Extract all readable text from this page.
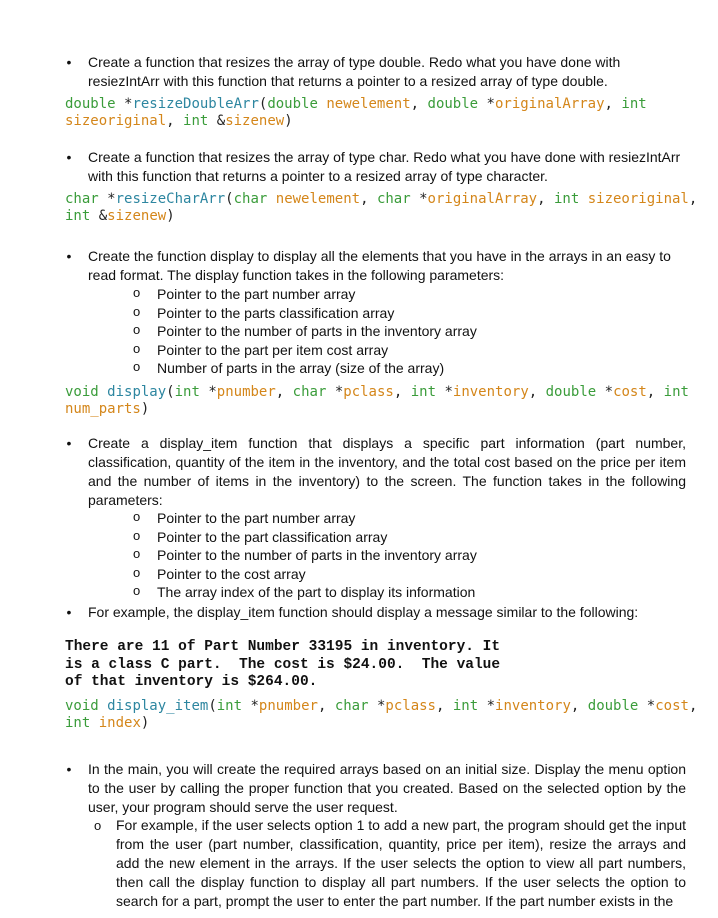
• Create a function that resizes the array of type double. Redo what you have done with resiezIntArr with this function that returns a pointer to a resized array of type double.
double *resizeDoubleArr(double newelement, double *originalArray, int
sizeoriginal, int &sizenew)
• Create a function that resizes the array of type char. Redo what you have done with resiezIntArr with this function that returns a pointer to a resized array of type character.
char *resizeCharArr(char newelement, char *originalArray, int sizeoriginal,
int &sizenew)
• Create the function display to display all the elements that you have in the arrays in an easy to read format. The display function takes in the following parameters:
o Pointer to the part number array
o Pointer to the parts classification array
o Pointer to the number of parts in the inventory array
o Pointer to the part per item cost array
o Number of parts in the array (size of the array)
void display(int *pnumber, char *pclass, int *inventory, double *cost, int
num_parts)
• Create a display_item function that displays a specific part information (part number, classification, quantity of the item in the inventory, and the total cost based on the price per item and the number of items in the inventory) to the screen. The function takes in the following parameters:
o Pointer to the part number array
o Pointer to the part classification array
o Pointer to the number of parts in the inventory array
o Pointer to the cost array
o The array index of the part to display its information
• For example, the display_item function should display a message similar to the following:
There are 11 of Part Number 33195 in inventory. It
is a class C part.  The cost is $24.00.  The value
of that inventory is $264.00.
void display_item(int *pnumber, char *pclass, int *inventory, double *cost,
int index)
• In the main, you will create the required arrays based on an initial size. Display the menu option to the user by calling the proper function that you created. Based on the selected option by the user, your program should serve the user request.
o For example, if the user selects option 1 to add a new part, the program should get the input from the user (part number, classification, quantity, price per item), resize the arrays and add the new element in the arrays. If the user selects the option to view all part numbers, then call the display function to display all part numbers. If the user selects the option to search for a part, prompt the user to enter the part number. If the part number exists in the
